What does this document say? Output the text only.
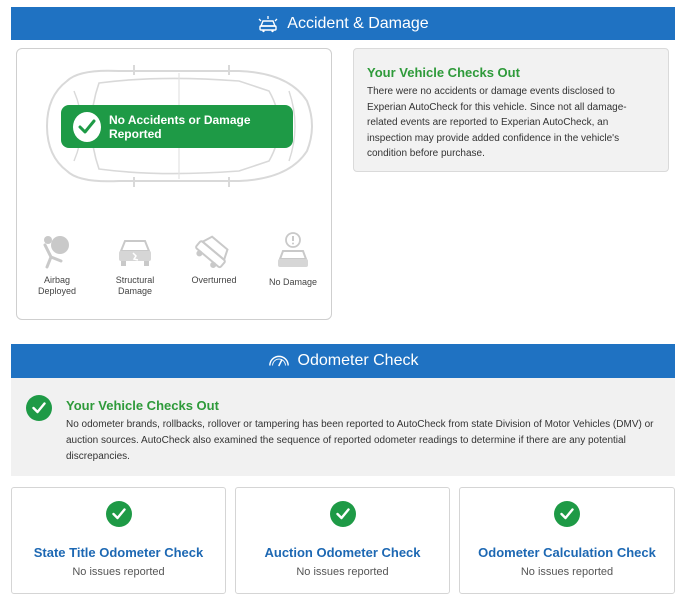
Accident & Damage
No Accidents or Damage Reported
Airbag
Deployed
Structural
Damage
Overturned	No Damage
Your Vehicle Checks Out
There were no accidents or damage events disclosed to Experian AutoCheck for this vehicle. Since not all damage-related events are reported to Experian AutoCheck, an inspection may provide added confidence in the vehicle's condition before purchase.
Odometer Check
Your Vehicle Checks Out
No odometer brands, rollbacks, rollover or tampering has been reported to AutoCheck from state Division of Motor Vehicles (DMV) or auction sources. AutoCheck also examined the sequence of reported odometer readings to determine if there are any potential discrepancies.
State Title Odometer Check
No issues reported
Auction Odometer Check
No issues reported
Odometer Calculation Check
No issues reported
